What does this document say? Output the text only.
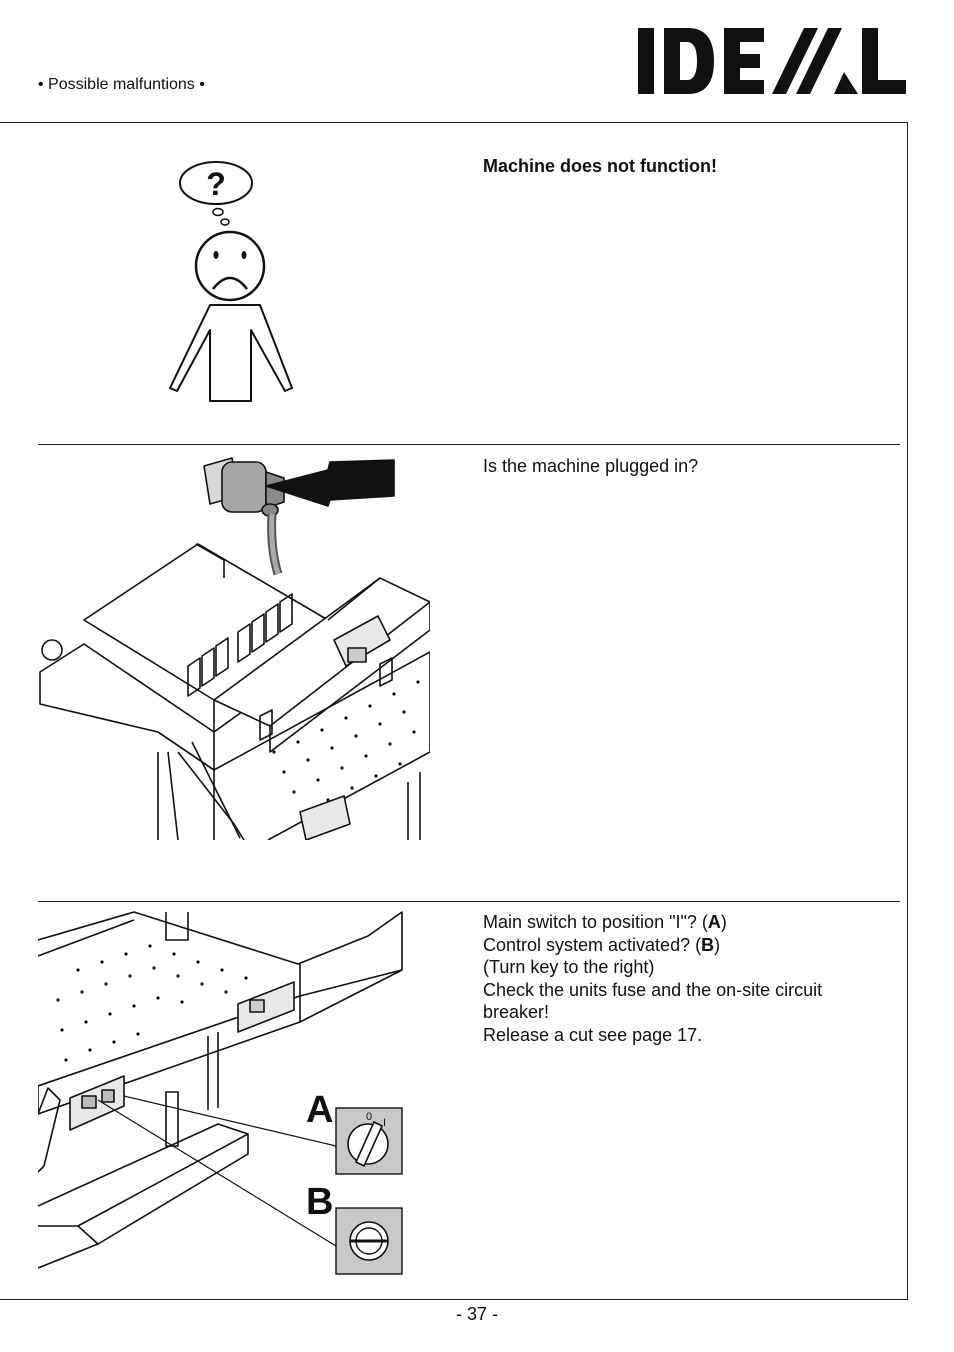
• Possible malfuntions •
?	Machine does not function!
Is the machine plugged in?
A	0 I
B
Main switch to position "I"? (A)
Control system activated? (B)
(Turn key to the right)
Check the units fuse and the on-site circuit breaker!
Release a cut see page 17.
- 37 -
